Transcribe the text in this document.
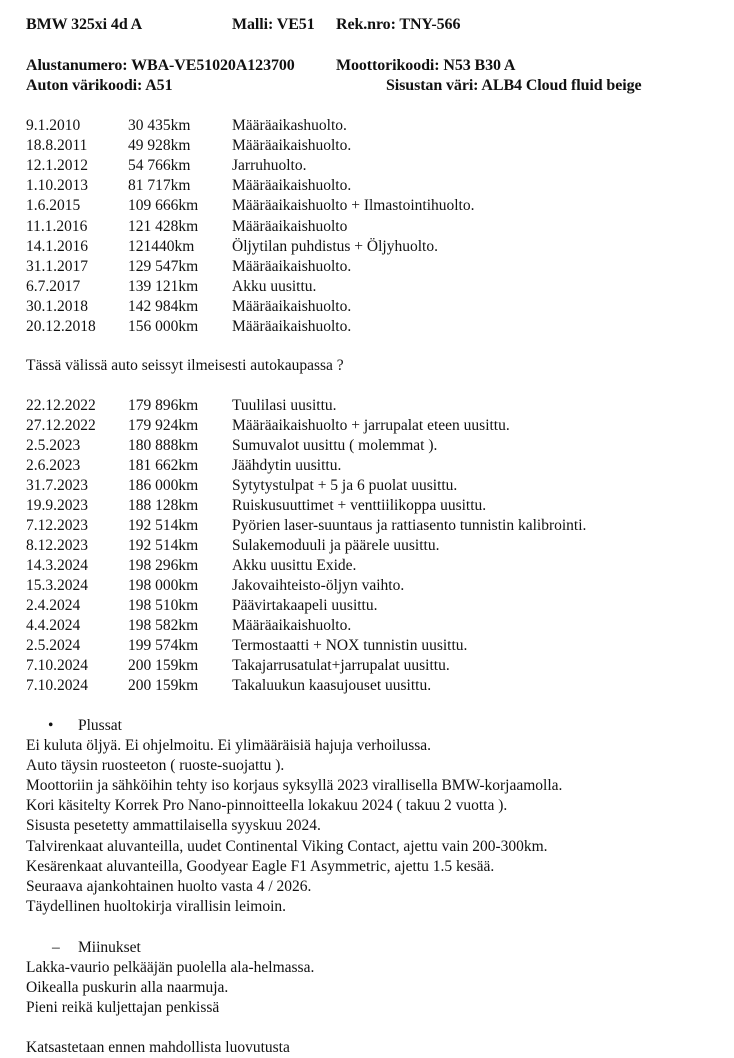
BMW 325xi 4d A	Malli: VE51 Rek.nro: TNY-566
Alustanumero: WBA-VE51020A123700	Moottorikoodi: N53 B30 A
Auton värikoodi: A51	Sisustan väri: ALB4 Cloud fluid beige
9.1.2010	30 435km	Määräaikashuolto.
18.8.2011	49 928km	Määräaikaishuolto.
12.1.2012	54 766km	Jarruhuolto.
1.10.2013	81 717km	Määräaikaishuolto.
1.6.2015	109 666km Määräaikaishuolto + Ilmastointihuolto.
11.1.2016	121 428km Määräaikaishuolto
14.1.2016	121440km Öljytilan puhdistus + Öljyhuolto.
31.1.2017	129 547km Määräaikaishuolto.
6.7.2017	139 121km Akku uusittu.
30.1.2018	142 984km Määräaikaishuolto.
20.12.2018 156 000km Määräaikaishuolto.
Tässä välissä auto seissyt ilmeisesti autokaupassa ?
22.12.2022 179 896km Tuulilasi uusittu.
27.12.2022 179 924km Määräaikaishuolto + jarrupalat eteen uusittu.
2.5.2023	180 888km Sumuvalot uusittu ( molemmat ).
2.6.2023	181 662km Jäähdytin uusittu.
31.7.2023	186 000km Sytytystulpat + 5 ja 6 puolat uusittu.
19.9.2023	188 128km Ruiskusuuttimet + venttiilikoppa uusittu.
7.12.2023	192 514km Pyörien laser-suuntaus ja rattiasento tunnistin kalibrointi.
8.12.2023	192 514km Sulakemoduuli ja päärele uusittu.
14.3.2024	198 296km Akku uusittu Exide.
15.3.2024	198 000km Jakovaihteisto-öljyn vaihto.
2.4.2024	198 510km Päävirtakaapeli uusittu.
4.4.2024	198 582km Määräaikaishuolto.
2.5.2024	199 574km Termostaatti + NOX tunnistin uusittu.
7.10.2024	200 159km Takajarrusatulat+jarrupalat uusittu.
7.10.2024	200 159km Takaluukun kaasujouset uusittu.
• Plussat
Ei kuluta öljyä. Ei ohjelmoitu. Ei ylimääräisiä hajuja verhoilussa.
Auto täysin ruosteeton ( ruoste-suojattu ).
Moottoriin ja sähköihin tehty iso korjaus syksyllä 2023 virallisella BMW-korjaamolla.
Kori käsitelty Korrek Pro Nano-pinnoitteella lokakuu 2024 ( takuu 2 vuotta ).
Sisusta pesetetty ammattilaisella syyskuu 2024.
Talvirenkaat aluvanteilla, uudet Continental Viking Contact, ajettu vain 200-300km.
Kesärenkaat aluvanteilla, Goodyear Eagle F1 Asymmetric, ajettu 1.5 kesää.
Seuraava ajankohtainen huolto vasta 4 / 2026.
Täydellinen huoltokirja virallisin leimoin.
– Miinukset
Lakka-vaurio pelkääjän puolella ala-helmassa.
Oikealla puskurin alla naarmuja.
Pieni reikä kuljettajan penkissä
Katsastetaan ennen mahdollista luovutusta
